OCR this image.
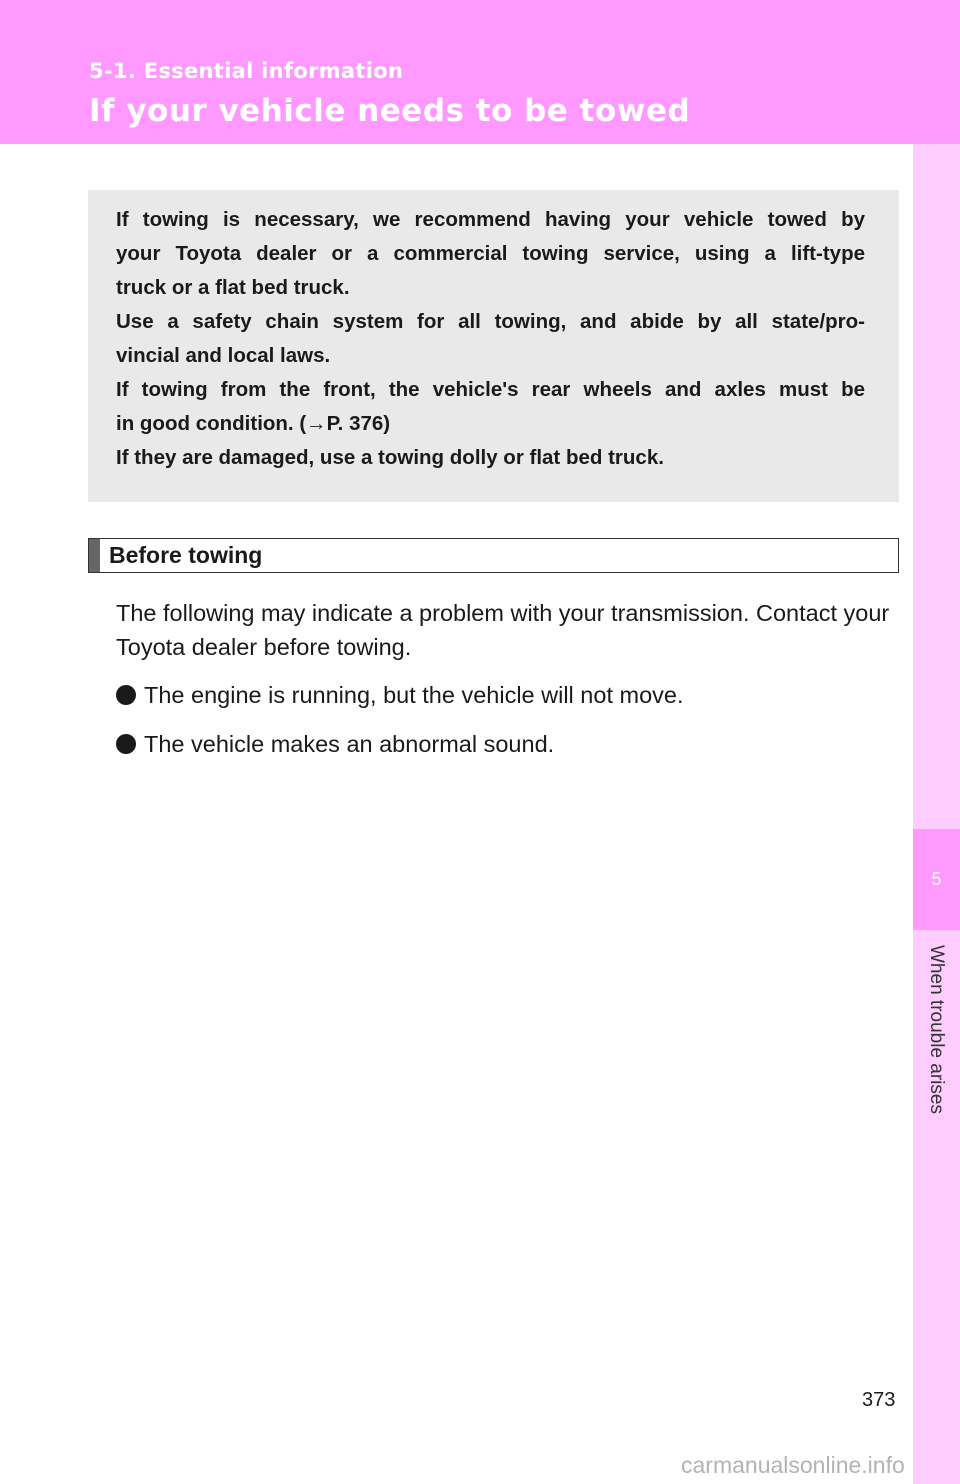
5-1. Essential information
If your vehicle needs to be towed
5
When trouble arises

If towing is necessary, we recommend having your vehicle towed by

your Toyota dealer or a commercial towing service, using a lift-type

truck or a flat bed truck.

Use a safety chain system for all towing, and abide by all state/pro-

vincial and local laws.

If towing from the front, the vehicle's rear wheels and axles must be

in good condition. (→P. 376)

If they are damaged, use a towing dolly or flat bed truck.

Before towing

The following may indicate a problem with your transmission. Contact your Toyota dealer before towing.

The engine is running, but the vehicle will not move.
The vehicle makes an abnormal sound.
373
carmanualsonline.info
